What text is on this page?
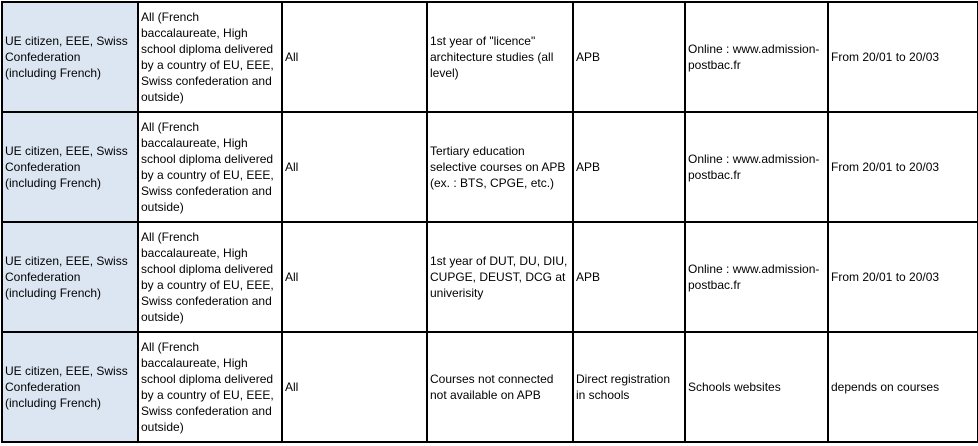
UE citizen, EEE, Swiss Confederation (including French)	All (French baccalaureate, High school diploma delivered by a country of EU, EEE, Swiss confederation and outside)	All	1st year of "licence" architecture studies (all level)	APB	Online : www.admission-postbac.fr	From 20/01 to 20/03
UE citizen, EEE, Swiss Confederation (including French)	All (French baccalaureate, High school diploma delivered by a country of EU, EEE, Swiss confederation and outside)	All	Tertiary education selective courses on APB (ex. : BTS, CPGE, etc.)	APB	Online : www.admission-postbac.fr	From 20/01 to 20/03
UE citizen, EEE, Swiss Confederation (including French)	All (French baccalaureate, High school diploma delivered by a country of EU, EEE, Swiss confederation and outside)	All	1st year of DUT, DU, DIU, CUPGE, DEUST, DCG at univerisity	APB	Online : www.admission-postbac.fr	From 20/01 to 20/03
UE citizen, EEE, Swiss Confederation (including French)	All (French baccalaureate, High school diploma delivered by a country of EU, EEE, Swiss confederation and outside)	All	Courses not connected not available on APB	Direct registration in schools	Schools websites	depends on courses
